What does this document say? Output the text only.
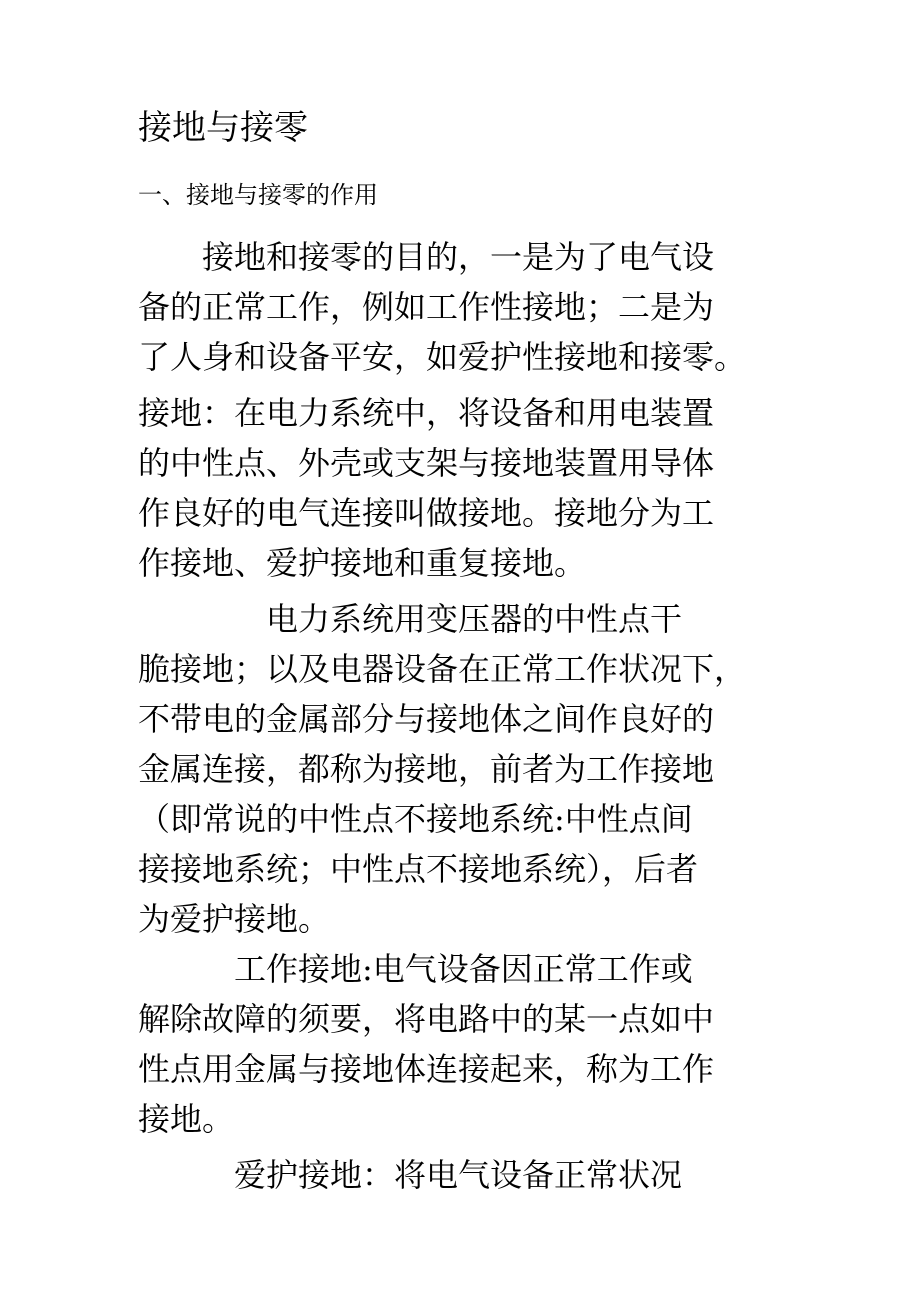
接地与接零
一、接地与接零的作用
　　接地和接零的目的，一是为了电气设
备的正常工作，例如工作性接地；二是为
了人身和设备平安，如爱护性接地和接零。
接地：在电力系统中，将设备和用电装置
的中性点、外壳或支架与接地装置用导体
作良好的电气连接叫做接地。接地分为工
作接地、爱护接地和重复接地。
　　　　电力系统用变压器的中性点干
脆接地；以及电器设备在正常工作状况下，
不带电的金属部分与接地体之间作良好的
金属连接，都称为接地，前者为工作接地
（即常说的中性点不接地系统:中性点间
接接地系统；中性点不接地系统），后者
为爱护接地。
　　　工作接地:电气设备因正常工作或
解除故障的须要，将电路中的某一点如中
性点用金属与接地体连接起来，称为工作
接地。
　　　爱护接地：将电气设备正常状况
